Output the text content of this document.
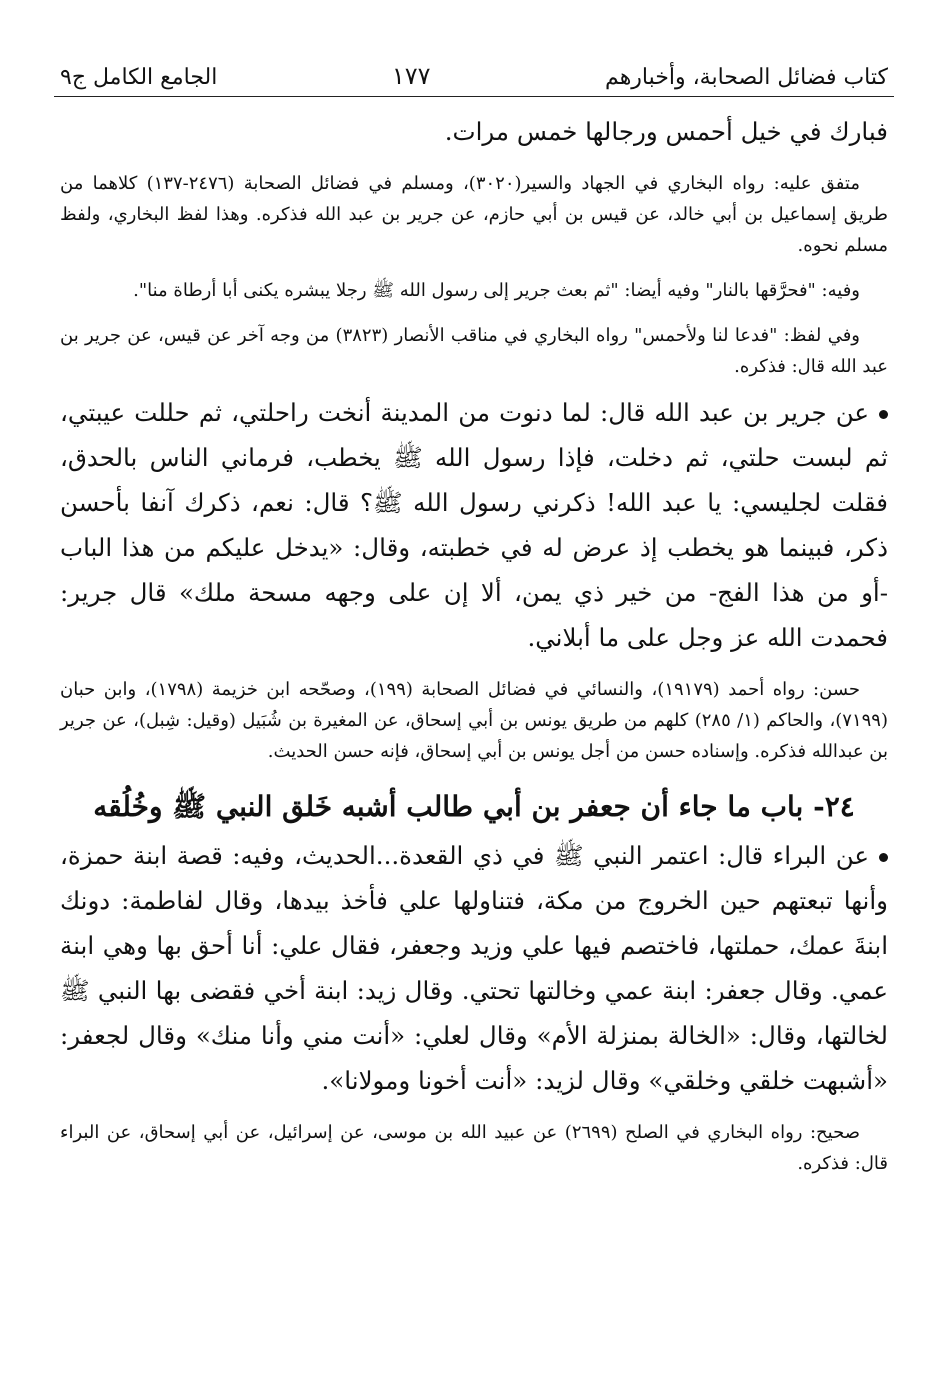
كتاب فضائل الصحابة، وأخبارهم
١٧٧
الجامع الكامل ج٩

فبارك في خيل أحمس ورجالها خمس مرات.

متفق عليه: رواه البخاري في الجهاد والسير(٣٠٢٠)، ومسلم في فضائل الصحابة (٢٤٧٦-١٣٧) كلاهما من طريق إسماعيل بن أبي خالد، عن قيس بن أبي حازم، عن جرير بن عبد الله فذكره. وهذا لفظ البخاري، ولفظ مسلم نحوه.

وفيه: "فحرَّقها بالنار" وفيه أيضا: "ثم بعث جرير إلى رسول الله ﷺ رجلا يبشره يكنى أبا أرطاة منا".

وفي لفظ: "فدعا لنا ولأحمس" رواه البخاري في مناقب الأنصار (٣٨٢٣) من وجه آخر عن قيس، عن جرير بن عبد الله قال: فذكره.

عن جرير بن عبد الله قال: لما دنوت من المدينة أنخت راحلتي، ثم حللت عيبتي، ثم لبست حلتي، ثم دخلت، فإذا رسول الله ﷺ يخطب، فرماني الناس بالحدق، فقلت لجليسي: يا عبد الله! ذكرني رسول الله ﷺ؟ قال: نعم، ذكرك آنفا بأحسن ذكر، فبينما هو يخطب إذ عرض له في خطبته، وقال: «يدخل عليكم من هذا الباب -أو من هذا الفج- من خير ذي يمن، ألا إن على وجهه مسحة ملك» قال جرير: فحمدت الله عز وجل على ما أبلاني.

حسن: رواه أحمد (١٩١٧٩)، والنسائي في فضائل الصحابة (١٩٩)، وصحّحه ابن خزيمة (١٧٩٨)، وابن حبان (٧١٩٩)، والحاكم (١/ ٢٨٥) كلهم من طريق يونس بن أبي إسحاق، عن المغيرة بن شُبَيل (وقيل: شِبل)، عن جرير بن عبدالله فذكره. وإسناده حسن من أجل يونس بن أبي إسحاق، فإنه حسن الحديث.

٢٤- باب ما جاء أن جعفر بن أبي طالب أشبه خَلق النبي ﷺ وخُلُقه

عن البراء قال: اعتمر النبي ﷺ في ذي القعدة...الحديث، وفيه: قصة ابنة حمزة، وأنها تبعتهم حين الخروج من مكة، فتناولها علي فأخذ بيدها، وقال لفاطمة: دونك ابنةَ عمك، حملتها، فاختصم فيها علي وزيد وجعفر، فقال علي: أنا أحق بها وهي ابنة عمي. وقال جعفر: ابنة عمي وخالتها تحتي. وقال زيد: ابنة أخي فقضى بها النبي ﷺ لخالتها، وقال: «الخالة بمنزلة الأم» وقال لعلي: «أنت مني وأنا منك» وقال لجعفر: «أشبهت خلقي وخلقي» وقال لزيد: «أنت أخونا ومولانا».

صحيح: رواه البخاري في الصلح (٢٦٩٩) عن عبيد الله بن موسى، عن إسرائيل، عن أبي إسحاق، عن البراء قال: فذكره.
